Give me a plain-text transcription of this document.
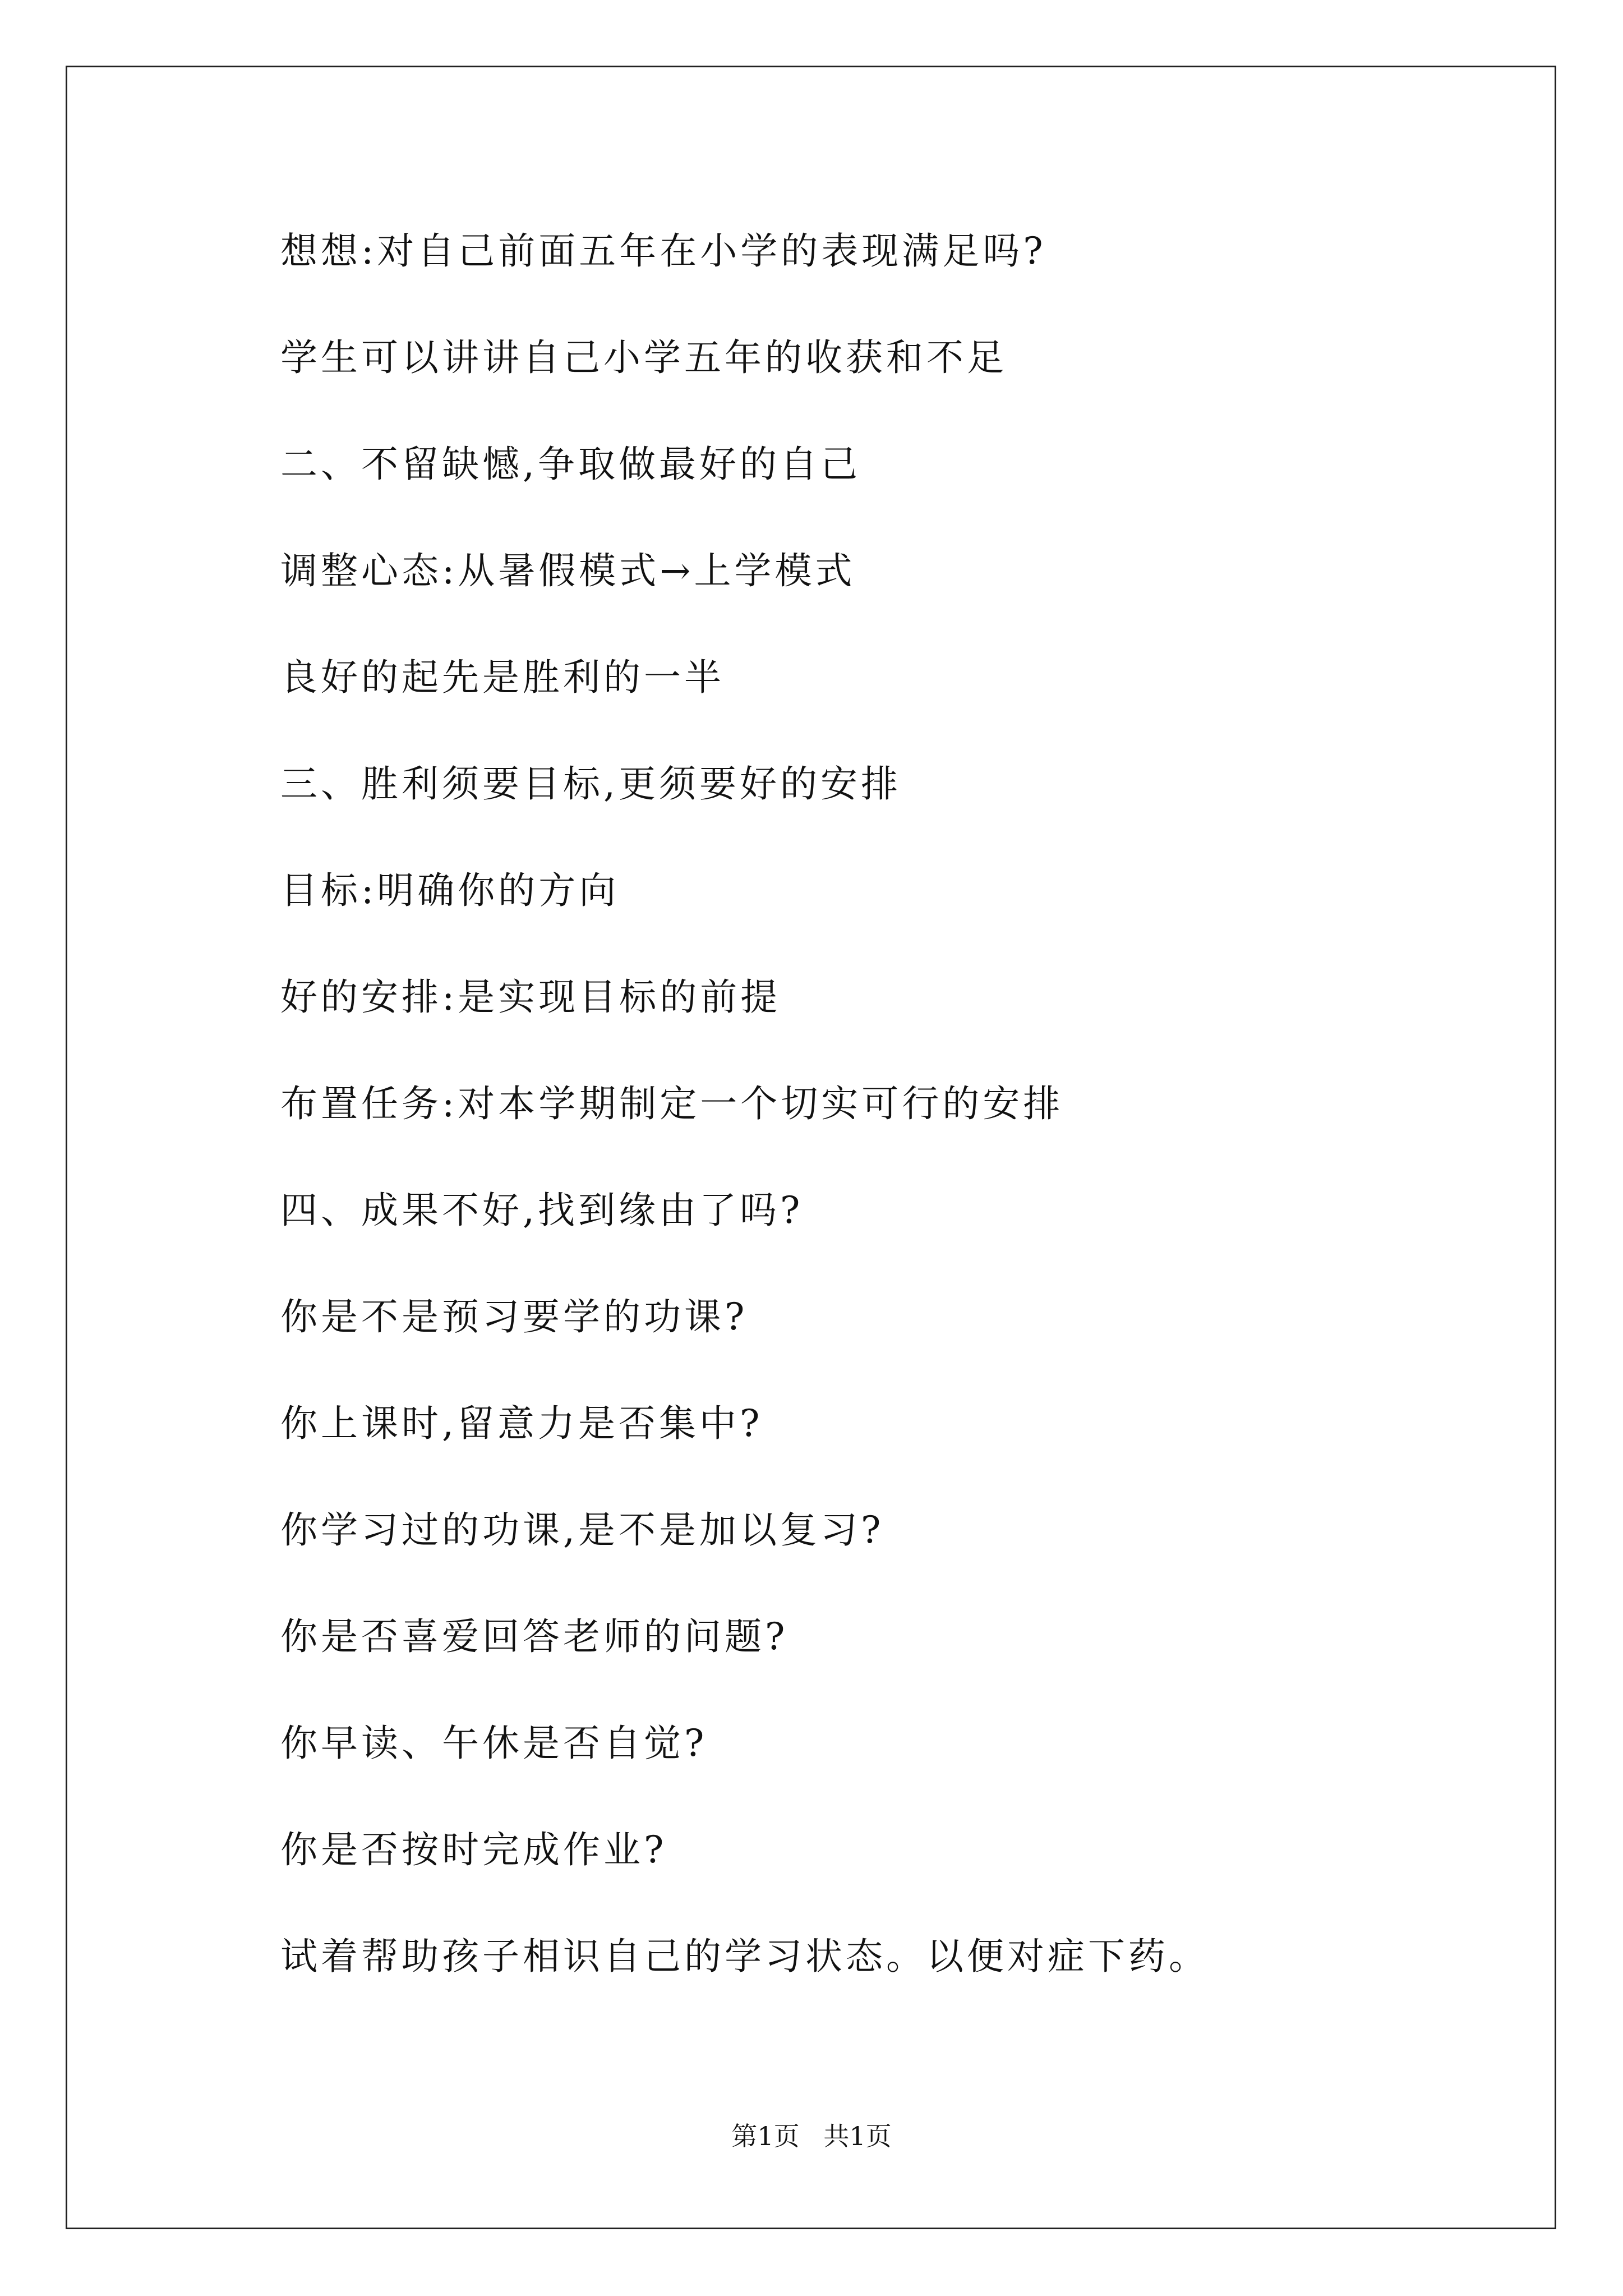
想想:对自己前面五年在小学的表现满足吗?
学生可以讲讲自己小学五年的收获和不足
二、不留缺憾,争取做最好的自己
调整心态:从暑假模式→上学模式
良好的起先是胜利的一半
三、胜利须要目标,更须要好的安排
目标:明确你的方向
好的安排:是实现目标的前提
布置任务:对本学期制定一个切实可行的安排
四、成果不好,找到缘由了吗?
你是不是预习要学的功课?
你上课时,留意力是否集中?
你学习过的功课,是不是加以复习?
你是否喜爱回答老师的问题?
你早读、午休是否自觉?
你是否按时完成作业?
试着帮助孩子相识自己的学习状态。以便对症下药。
第1页 共1页
